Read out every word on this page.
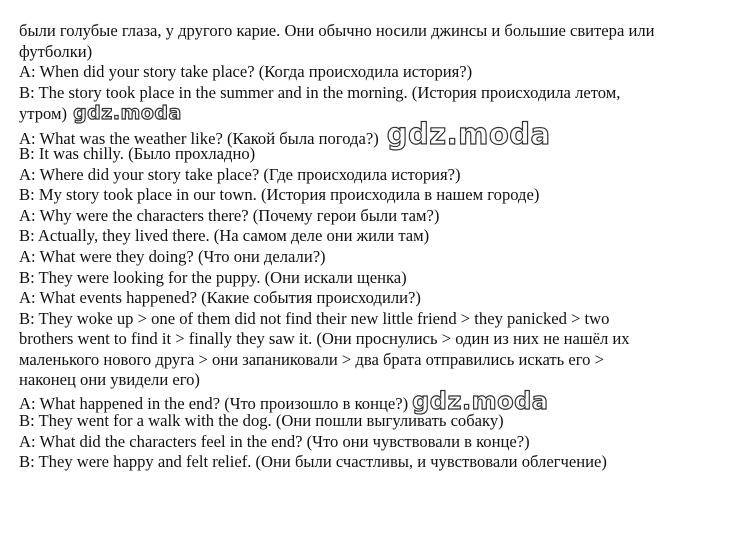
были голубые глаза, у другого карие. Они обычно носили джинсы и большие свитера или
футболки)
A: When did your story take place? (Когда происходила история?)
B: The story took place in the summer and in the morning. (История происходила летом,
утром) gdz.moda
A: What was the weather like? (Какой была погода?) gdz.moda
B: It was chilly. (Было прохладно)
A: Where did your story take place? (Где происходила история?)
B: My story took place in our town. (История происходила в нашем городе)
A: Why were the characters there? (Почему герои были там?)
B: Actually, they lived there. (На самом деле они жили там)
A: What were they doing? (Что они делали?)
B: They were looking for the puppy. (Они искали щенка)
A: What events happened? (Какие события происходили?)
B: They woke up > one of them did not find their new little friend > they panicked > two
brothers went to find it > finally they saw it. (Они проснулись > один из них не нашёл их
маленького нового друга > они запаниковали > два брата отправились искать его >
наконец они увидели его)
A: What happened in the end? (Что произошло в конце?) gdz.moda
B: They went for a walk with the dog. (Они пошли выгуливать собаку)
A: What did the characters feel in the end? (Что они чувствовали в конце?)
B: They were happy and felt relief. (Они были счастливы, и чувствовали облегчение)
